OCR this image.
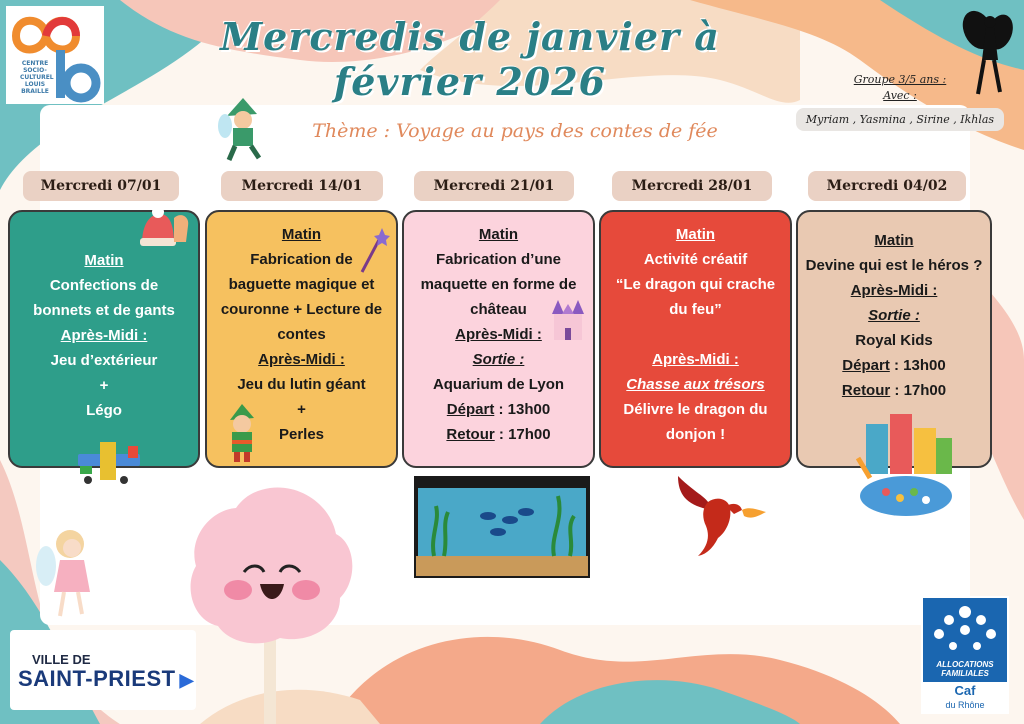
CENTRE SOCIO-CULTUREL LOUIS BRAILLE
Mercredis de janvier à février 2026
Thème : Voyage au pays des contes de fée
Groupe 3/5 ans :
Avec :
Myriam , Yasmina , Sirine , Ikhlas
Mercredi 07/01	Mercredi 14/01	Mercredi 21/01	Mercredi 28/01	Mercredi 04/02
Matin
Confections de
bonnets et de gants
Après-Midi :
Jeu d’extérieur
+
Légo
Matin
Fabrication de
baguette magique et
couronne + Lecture de
contes
Après-Midi :
Jeu du lutin géant
+
Perles
Matin
Fabrication d’une
maquette en forme de
château
Après-Midi :
Sortie :
Aquarium de Lyon
Départ : 13h00
Retour : 17h00
Matin
Activité créatif
“Le dragon qui crache
du feu”
Après-Midi :
Chasse aux trésors
Délivre le dragon du
donjon !
Matin
Devine qui est le héros ?
Après-Midi :
Sortie :
Royal Kids
Départ : 13h00
Retour : 17h00
VILLE DE
SAINT-PRIEST ▶
ALLOCATIONS FAMILIALES
Caf
du Rhône
